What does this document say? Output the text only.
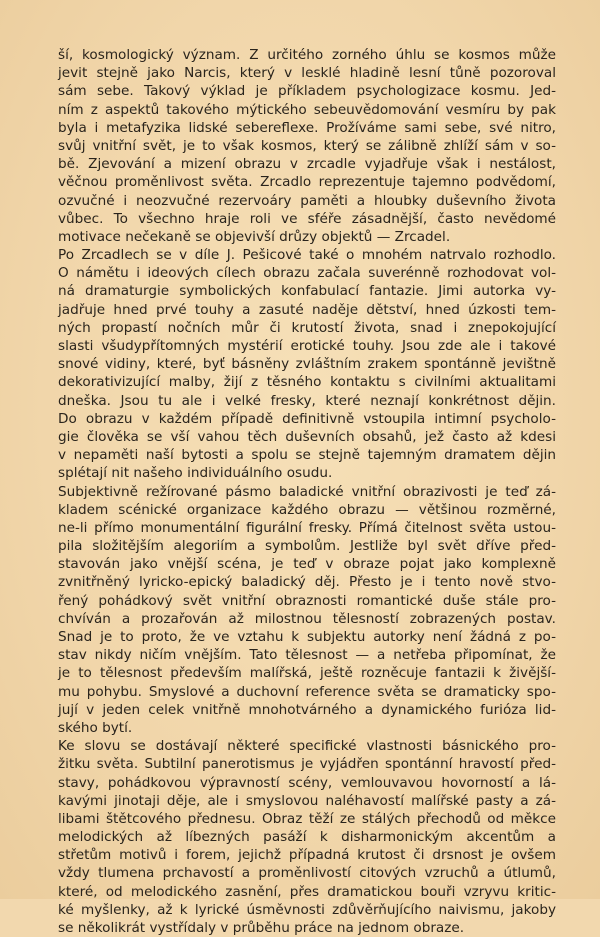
ší, kosmologický význam. Z určitého zorného úhlu se kosmos může
jevit stejně jako Narcis, který v lesklé hladině lesní tůně pozoroval
sám sebe. Takový výklad je příkladem psychologizace kosmu. Jed-
ním z aspektů takového mýtického sebeuvědomování vesmíru by pak
byla i metafyzika lidské sebereflexe. Prožíváme sami sebe, své nitro,
svůj vnitřní svět, je to však kosmos, který se zálibně zhlíží sám v so-
bě. Zjevování a mizení obrazu v zrcadle vyjadřuje však i nestálost,
věčnou proměnlivost světa. Zrcadlo reprezentuje tajemno podvědomí,
ozvučné i neozvučné rezervoáry paměti a hloubky duševního života
vůbec. To všechno hraje roli ve sféře zásadnější, často nevědomé
motivace nečekaně se objevivší drůzy objektů — Zrcadel.
Po Zrcadlech se v díle J. Pešicové také o mnohém natrvalo rozhodlo.
O námětu i ideových cílech obrazu začala suverénně rozhodovat vol-
ná dramaturgie symbolických konfabulací fantazie. Jimi autorka vy-
jadřuje hned prvé touhy a zasuté naděje dětství, hned úzkosti tem-
ných propastí nočních můr či krutostí života, snad i znepokojující
slasti všudypřítomných mystérií erotické touhy. Jsou zde ale i takové
snové vidiny, které, byť básněny zvláštním zrakem spontánně jevištně
dekorativizující malby, žijí z těsného kontaktu s civilními aktualitami
dneška. Jsou tu ale i velké fresky, které neznají konkrétnost dějin.
Do obrazu v každém případě definitivně vstoupila intimní psycholo-
gie člověka se vší vahou těch duševních obsahů, jež často až kdesi
v nepaměti naší bytosti a spolu se stejně tajemným dramatem dějin
splétají nit našeho individuálního osudu.
Subjektivně režírované pásmo baladické vnitřní obrazivosti je teď zá-
kladem scénické organizace každého obrazu — většinou rozměrné,
ne-li přímo monumentální figurální fresky. Přímá čitelnost světa ustou-
pila složitějším alegoriím a symbolům. Jestliže byl svět dříve před-
stavován jako vnější scéna, je teď v obraze pojat jako komplexně
zvnitřněný lyricko-epický baladický děj. Přesto je i tento nově stvo-
řený pohádkový svět vnitřní obraznosti romantické duše stále pro-
chvíván a prozařován až milostnou tělesností zobrazených postav.
Snad je to proto, že ve vztahu k subjektu autorky není žádná z po-
stav nikdy ničím vnějším. Tato tělesnost — a netřeba připomínat, že
je to tělesnost především malířská, ještě rozněcuje fantazii k živější-
mu pohybu. Smyslové a duchovní reference světa se dramaticky spo-
jují v jeden celek vnitřně mnohotvárného a dynamického furióza lid-
ského bytí.
Ke slovu se dostávají některé specifické vlastnosti básnického pro-
žitku světa. Subtilní panerotismus je vyjádřen spontánní hravostí před-
stavy, pohádkovou výpravností scény, vemlouvavou hovorností a lá-
kavými jinotaji děje, ale i smyslovou naléhavostí malířské pasty a zá-
libami štětcového přednesu. Obraz těží ze stálých přechodů od měkce
melodických až líbezných pasáží k disharmonickým akcentům a
střetům motivů i forem, jejichž případná krutost či drsnost je ovšem
vždy tlumena prchavostí a proměnlivostí citových vzruchů a útlumů,
které, od melodického zasnění, přes dramatickou bouři vzryvu kritic-
ké myšlenky, až k lyrické úsměvnosti zdůvěrňujícího naivismu, jakoby
se několikrát vystřídaly v průběhu práce na jednom obraze.
